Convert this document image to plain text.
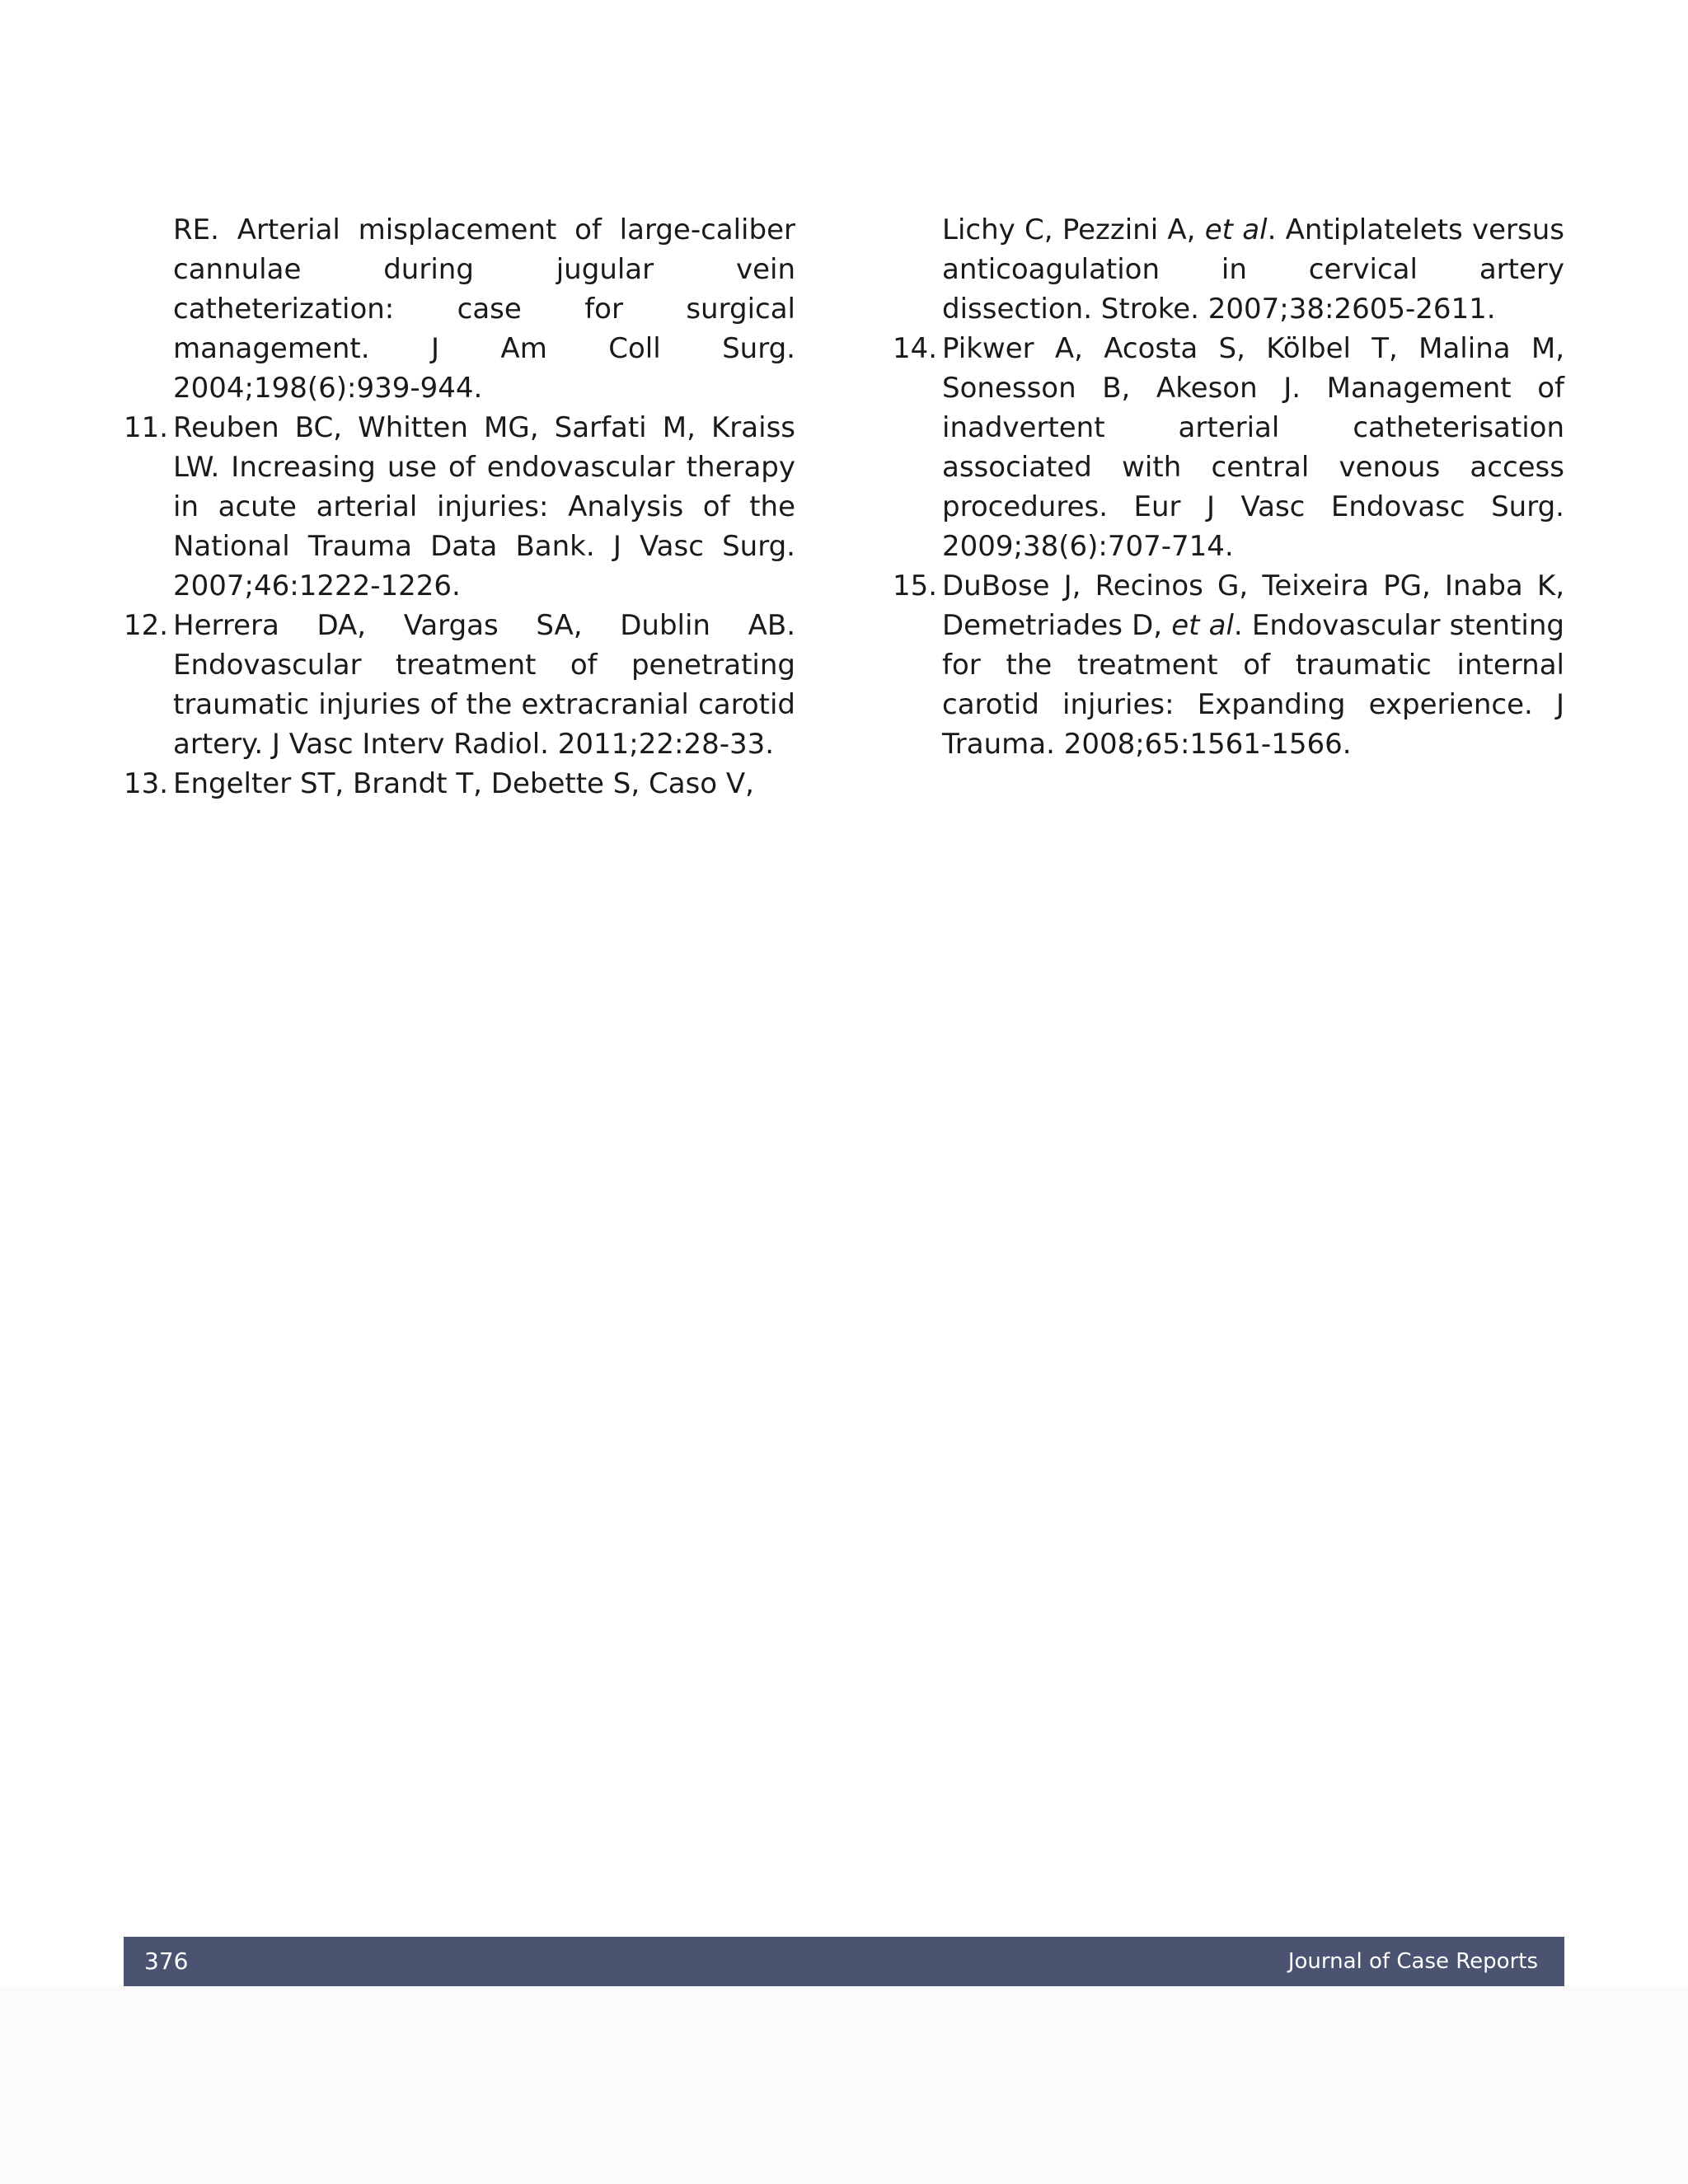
RE. Arterial misplacement of large-caliber cannulae during jugular vein catheterization: case for surgical management. J Am Coll Surg. 2004;198(6):939-944.
11. Reuben BC, Whitten MG, Sarfati M, Kraiss LW. Increasing use of endovascular therapy in acute arterial injuries: Analysis of the National Trauma Data Bank. J Vasc Surg. 2007;46:1222-1226.
12. Herrera DA, Vargas SA, Dublin AB. Endovascular treatment of penetrating traumatic injuries of the extracranial carotid artery. J Vasc Interv Radiol. 2011;22:28-33.
13. Engelter ST, Brandt T, Debette S, Caso V,
Lichy C, Pezzini A, et al. Antiplatelets versus anticoagulation in cervical artery dissection. Stroke. 2007;38:2605-2611.
14. Pikwer A, Acosta S, Kölbel T, Malina M, Sonesson B, Akeson J. Management of inadvertent arterial catheterisation associated with central venous access procedures. Eur J Vasc Endovasc Surg. 2009;38(6):707-714.
15. DuBose J, Recinos G, Teixeira PG, Inaba K, Demetriades D, et al. Endovascular stenting for the treatment of traumatic internal carotid injuries: Expanding experience. J Trauma. 2008;65:1561-1566.
376	Journal of Case Reports
